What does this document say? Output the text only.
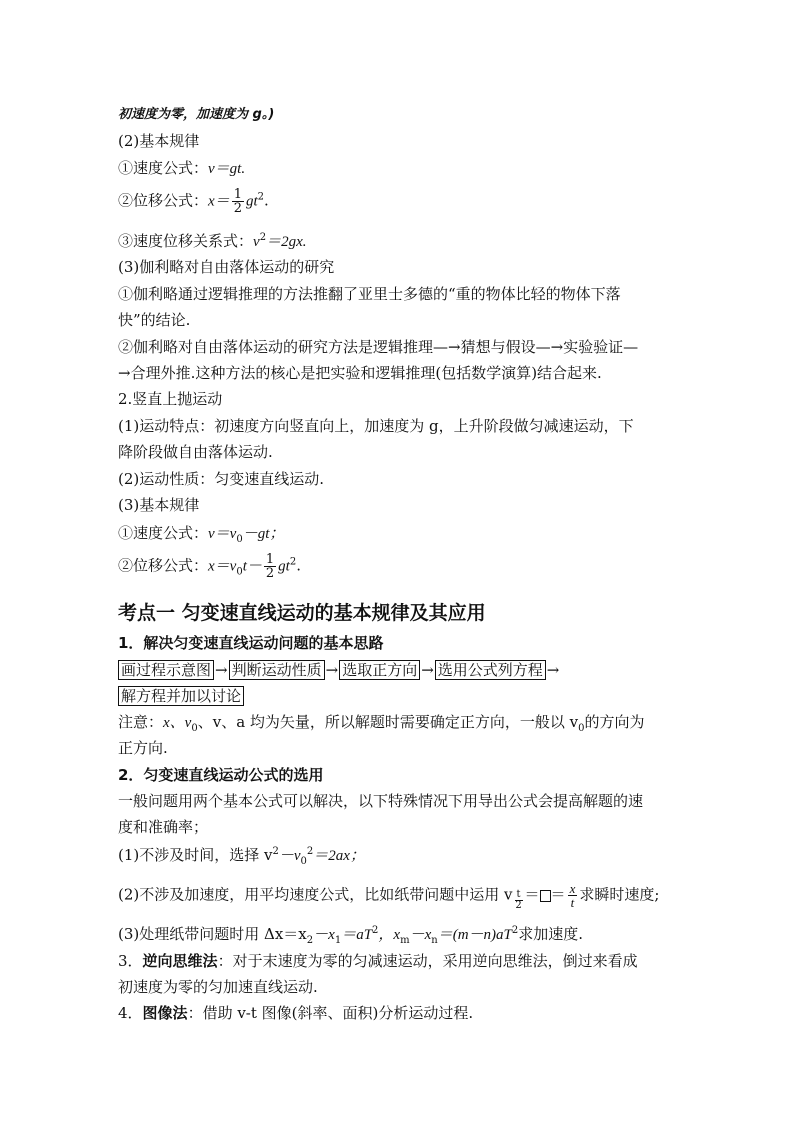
初速度为零，加速度为 g。)
(2)基本规律
①速度公式：v＝gt.
②位移公式：$x= \frac{1}{2} gt^2$.
③速度位移关系式：$v^2=2gx$.
(3)伽利略对自由落体运动的研究
①伽利略通过逻辑推理的方法推翻了亚里士多德的“重的物体比轻的物体下落
快”的结论.
②伽利略对自由落体运动的研究方法是逻辑推理—→猜想与假设—→实验验证—
→合理外推.这种方法的核心是把实验和逻辑推理(包括数学演算)结合起来.
2.竖直上抛运动
(1)运动特点：初速度方向竖直向上，加速度为 g，上升阶段做匀减速运动，下
降阶段做自由落体运动.
(2)运动性质：匀变速直线运动.
(3)基本规律
①速度公式：$v=v_0-gt$；
②位移公式：$x=v_0t- \frac{1}{2} gt^2$.
考点一 匀变速直线运动的基本规律及其应用
1．解决匀变速直线运动问题的基本思路
画过程示意图 → 判断运动性质 → 选取正方向 → 选用公式列方程 →
解方程并加以讨论
注意：x、$v_0$、v、a 均为矢量，所以解题时需要确定正方向，一般以 $v_0$的方向为
正方向.
2．匀变速直线运动公式的选用
一般问题用两个基本公式可以解决，以下特殊情况下用导出公式会提高解题的速
度和准确率；
(1)不涉及时间，选择 $v^2-v_0^2=2ax$；
(2)不涉及加速度，用平均速度公式，比如纸带问题中运用 v $\frac{t}{2}$ ＝ ＝ $\frac{x}{t}$ 求瞬时速度;
(3)处理纸带问题时用 $\Delta x=x_2-x_1=aT^2$，$x_m-x_n=(m-n)aT^2$求加速度.
3．逆向思维法：对于末速度为零的匀减速运动，采用逆向思维法，倒过来看成
初速度为零的匀加速直线运动.
4．图像法：借助 v-t 图像(斜率、面积)分析运动过程.
